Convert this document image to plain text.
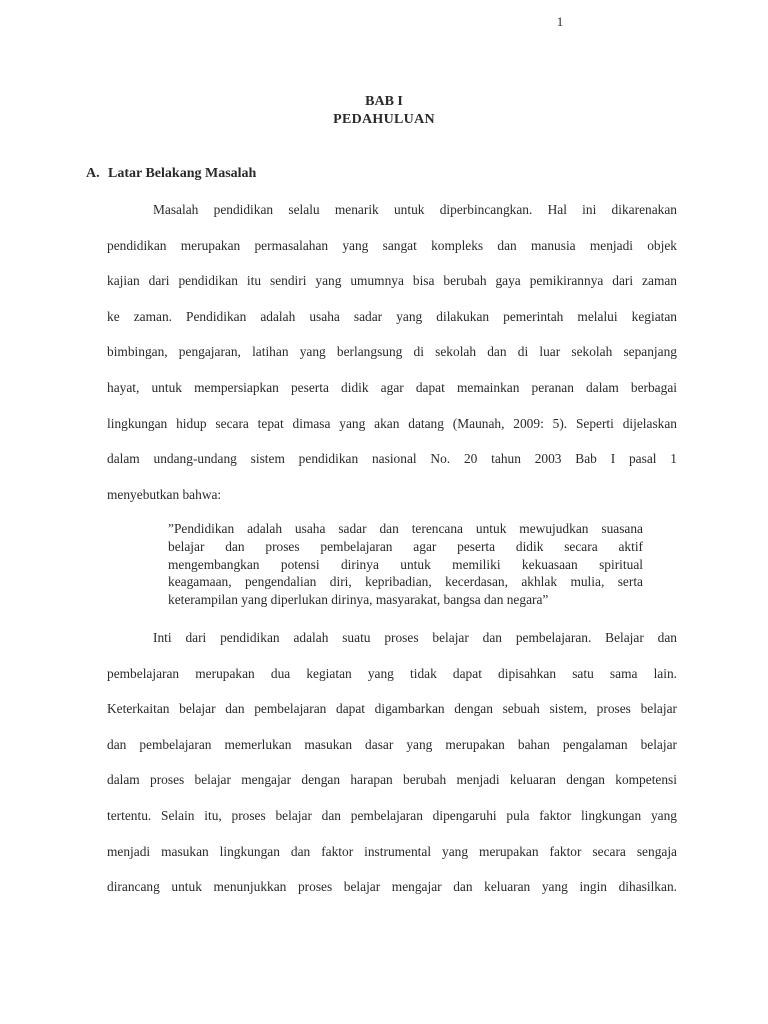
1
BAB I
PEDAHULUAN
A. Latar Belakang Masalah
Masalah pendidikan selalu menarik untuk diperbincangkan. Hal ini dikarenakan
pendidikan merupakan permasalahan yang sangat kompleks dan manusia menjadi objek
kajian dari pendidikan itu sendiri yang umumnya bisa berubah gaya pemikirannya dari zaman
ke zaman. Pendidikan adalah usaha sadar yang dilakukan pemerintah melalui kegiatan
bimbingan, pengajaran, latihan yang berlangsung di sekolah dan di luar sekolah sepanjang
hayat, untuk mempersiapkan peserta didik agar dapat memainkan peranan dalam berbagai
lingkungan hidup secara tepat dimasa yang akan datang (Maunah, 2009: 5). Seperti dijelaskan
dalam undang-undang sistem pendidikan nasional No. 20 tahun 2003 Bab I pasal 1
menyebutkan bahwa:
”Pendidikan adalah usaha sadar dan terencana untuk mewujudkan suasana
belajar dan proses pembelajaran agar peserta didik secara aktif
mengembangkan potensi dirinya untuk memiliki kekuasaan spiritual
keagamaan, pengendalian diri, kepribadian, kecerdasan, akhlak mulia, serta
keterampilan yang diperlukan dirinya, masyarakat, bangsa dan negara”
Inti dari pendidikan adalah suatu proses belajar dan pembelajaran. Belajar dan
pembelajaran merupakan dua kegiatan yang tidak dapat dipisahkan satu sama lain.
Keterkaitan belajar dan pembelajaran dapat digambarkan dengan sebuah sistem, proses belajar
dan pembelajaran memerlukan masukan dasar yang merupakan bahan pengalaman belajar
dalam proses belajar mengajar dengan harapan berubah menjadi keluaran dengan kompetensi
tertentu. Selain itu, proses belajar dan pembelajaran dipengaruhi pula faktor lingkungan yang
menjadi masukan lingkungan dan faktor instrumental yang merupakan faktor secara sengaja
dirancang untuk menunjukkan proses belajar mengajar dan keluaran yang ingin dihasilkan.
